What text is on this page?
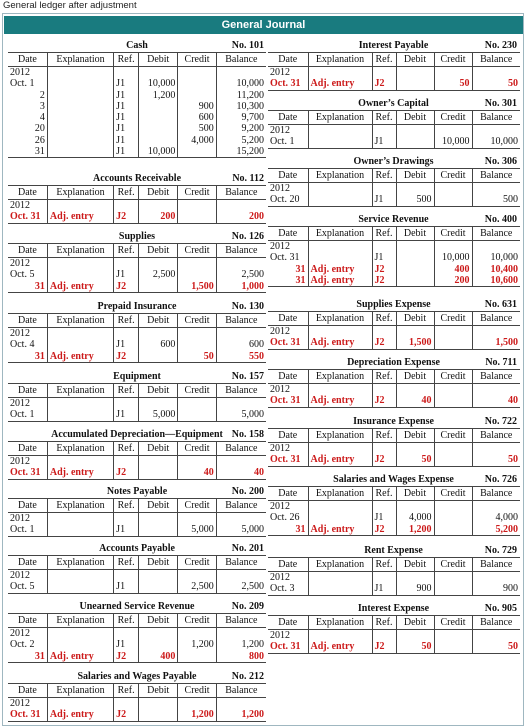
General ledger after adjustment
General Journal
Cash	No. 101
Date	Explanation	Ref.	Debit	Credit	Balance
2012					
Oct. 1		J1	10,000		10,000
2		J1	1,200		11,200
3		J1		900	10,300
4		J1		600	9,700
20		J1		500	9,200
26		J1		4,000	5,200
31		J1	10,000		15,200
Accounts Receivable	No. 112
Date	Explanation	Ref.	Debit	Credit	Balance
2012					
Oct. 31	Adj. entry	J2	200		200
Supplies	No. 126
Date	Explanation	Ref.	Debit	Credit	Balance
2012					
Oct. 5		J1	2,500		2,500
31	Adj. entry	J2		1,500	1,000
Prepaid Insurance	No. 130
Date	Explanation	Ref.	Debit	Credit	Balance
2012					
Oct. 4		J1	600		600
31	Adj. entry	J2		50	550
Equipment	No. 157
Date	Explanation	Ref.	Debit	Credit	Balance
2012					
Oct. 1		J1	5,000		5,000
Accumulated Depreciation—Equipment No. 158
Date	Explanation	Ref.	Debit	Credit	Balance
2012					
Oct. 31	Adj. entry	J2		40	40
Notes Payable	No. 200
Date	Explanation	Ref.	Debit	Credit	Balance
2012					
Oct. 1		J1		5,000	5,000
Accounts Payable	No. 201
Date	Explanation	Ref.	Debit	Credit	Balance
2012					
Oct. 5		J1		2,500	2,500
Unearned Service Revenue	No. 209
Date	Explanation	Ref.	Debit	Credit	Balance
2012					
Oct. 2		J1		1,200	1,200
31	Adj. entry	J2	400		800
Salaries and Wages Payable	No. 212
Date	Explanation	Ref.	Debit	Credit	Balance
2012					
Oct. 31	Adj. entry	J2		1,200	1,200
Interest Payable	No. 230
Date	Explanation	Ref.	Debit	Credit	Balance
2012					
Oct. 31	Adj. entry	J2		50	50
Owner’s Capital	No. 301
Date	Explanation	Ref.	Debit	Credit	Balance
2012					
Oct. 1		J1		10,000	10,000
Owner’s Drawings	No. 306
Date	Explanation	Ref.	Debit	Credit	Balance
2012					
Oct. 20		J1	500		500
Service Revenue	No. 400
Date	Explanation	Ref.	Debit	Credit	Balance
2012					
Oct. 31		J1		10,000	10,000
31	Adj. entry	J2		400	10,400
31	Adj. entry	J2		200	10,600
Supplies Expense	No. 631
Date	Explanation	Ref.	Debit	Credit	Balance
2012					
Oct. 31	Adj. entry	J2	1,500		1,500
Depreciation Expense	No. 711
Date	Explanation	Ref.	Debit	Credit	Balance
2012					
Oct. 31	Adj. entry	J2	40		40
Insurance Expense	No. 722
Date	Explanation	Ref.	Debit	Credit	Balance
2012					
Oct. 31	Adj. entry	J2	50		50
Salaries and Wages Expense	No. 726
Date	Explanation	Ref.	Debit	Credit	Balance
2012					
Oct. 26		J1	4,000		4,000
31	Adj. entry	J2	1,200		5,200
Rent Expense	No. 729
Date	Explanation	Ref.	Debit	Credit	Balance
2012					
Oct. 3		J1	900		900
Interest Expense	No. 905
Date	Explanation	Ref.	Debit	Credit	Balance
2012					
Oct. 31	Adj. entry	J2	50		50
